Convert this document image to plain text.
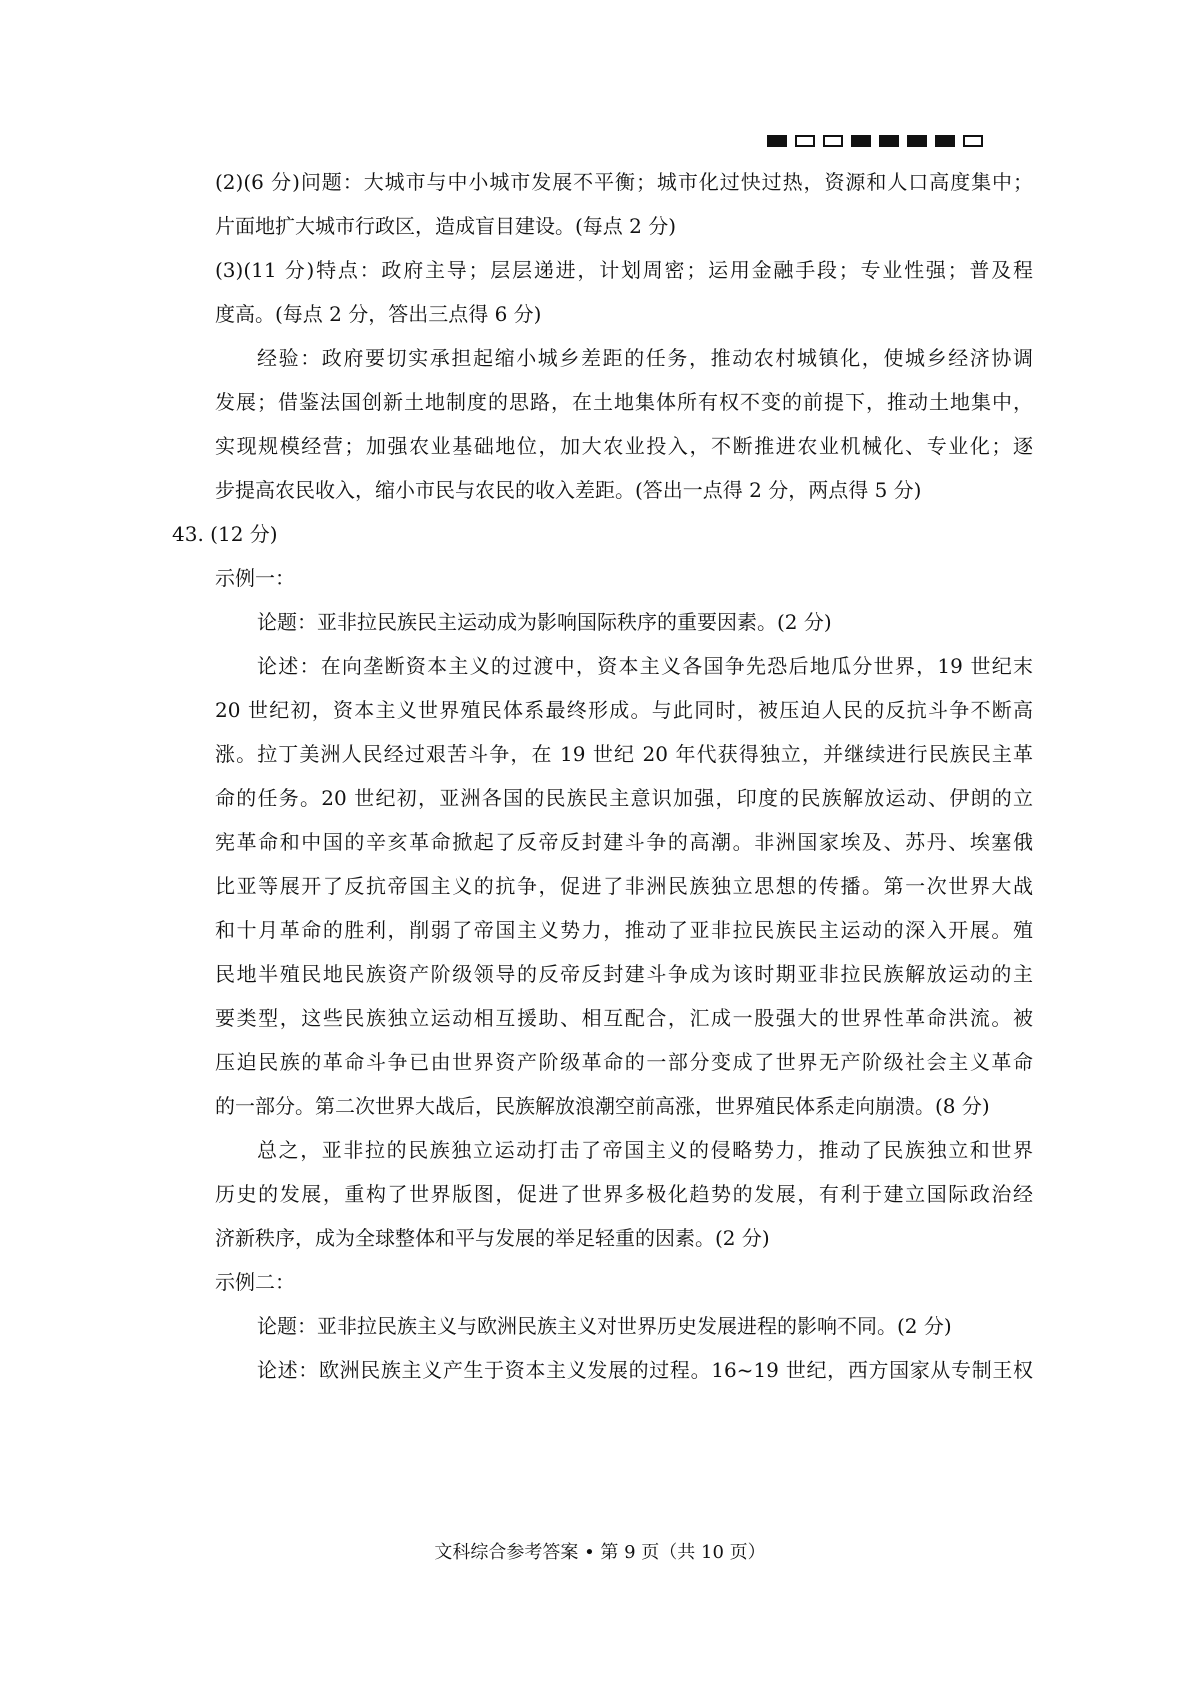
(2)(6 分)问题：大城市与中小城市发展不平衡；城市化过快过热，资源和人口高度集中；
片面地扩大城市行政区，造成盲目建设。(每点 2 分)
(3)(11 分)特点：政府主导；层层递进，计划周密；运用金融手段；专业性强；普及程
度高。(每点 2 分，答出三点得 6 分)
经验：政府要切实承担起缩小城乡差距的任务，推动农村城镇化，使城乡经济协调
发展；借鉴法国创新土地制度的思路，在土地集体所有权不变的前提下，推动土地集中，
实现规模经营；加强农业基础地位，加大农业投入，不断推进农业机械化、专业化；逐
步提高农民收入，缩小市民与农民的收入差距。(答出一点得 2 分，两点得 5 分)
43. (12 分)
示例一：
论题：亚非拉民族民主运动成为影响国际秩序的重要因素。(2 分)
论述：在向垄断资本主义的过渡中，资本主义各国争先恐后地瓜分世界，19 世纪末
20 世纪初，资本主义世界殖民体系最终形成。与此同时，被压迫人民的反抗斗争不断高
涨。拉丁美洲人民经过艰苦斗争，在 19 世纪 20 年代获得独立，并继续进行民族民主革
命的任务。20 世纪初，亚洲各国的民族民主意识加强，印度的民族解放运动、伊朗的立
宪革命和中国的辛亥革命掀起了反帝反封建斗争的高潮。非洲国家埃及、苏丹、埃塞俄
比亚等展开了反抗帝国主义的抗争，促进了非洲民族独立思想的传播。第一次世界大战
和十月革命的胜利，削弱了帝国主义势力，推动了亚非拉民族民主运动的深入开展。殖
民地半殖民地民族资产阶级领导的反帝反封建斗争成为该时期亚非拉民族解放运动的主
要类型，这些民族独立运动相互援助、相互配合，汇成一股强大的世界性革命洪流。被
压迫民族的革命斗争已由世界资产阶级革命的一部分变成了世界无产阶级社会主义革命
的一部分。第二次世界大战后，民族解放浪潮空前高涨，世界殖民体系走向崩溃。(8 分)
总之，亚非拉的民族独立运动打击了帝国主义的侵略势力，推动了民族独立和世界
历史的发展，重构了世界版图，促进了世界多极化趋势的发展，有利于建立国际政治经
济新秩序，成为全球整体和平与发展的举足轻重的因素。(2 分)
示例二：
论题：亚非拉民族主义与欧洲民族主义对世界历史发展进程的影响不同。(2 分)
论述：欧洲民族主义产生于资本主义发展的过程。16~19 世纪，西方国家从专制王权
文科综合参考答案 • 第 9 页（共 10 页）
